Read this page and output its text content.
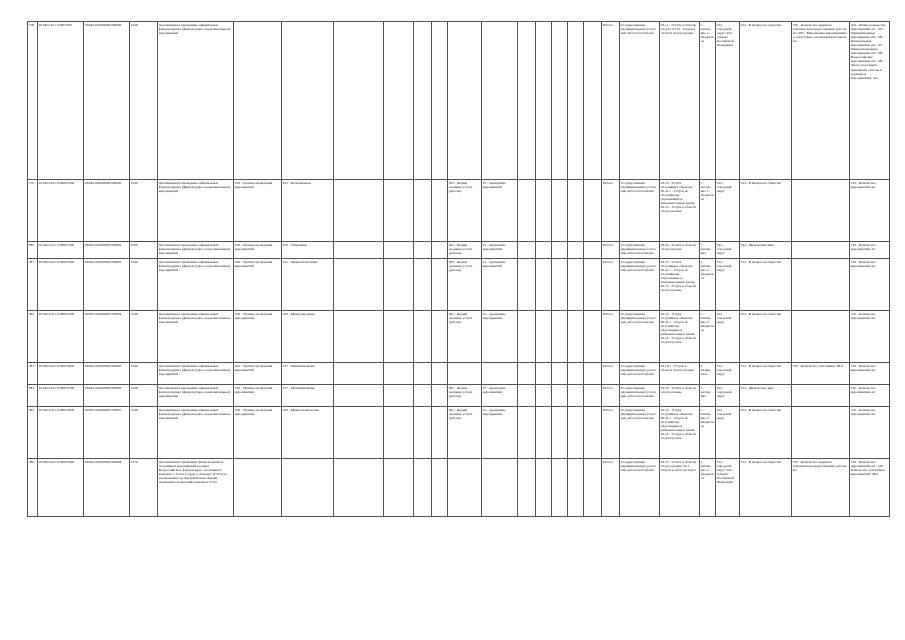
378	931Ф.П.45.1.0Э80 0001	930Ф1.042000000 000000	0149	Организация и проведение официальных физкультурных (физкультурно-оздоровительных) мероприятий														Работа	Государственная (муниципальная) услуга или работа бесплатная	93.11 - Услуги в области спорта; 93.19 - Услуги в области спорта прочие	1 - автомо вно 2 - бюджетное	012 - городской округ; 022 - субъект Российской Федерации	014 - В интересах общества	370 - Количество людей на тематическом представлении работы, шт; 900 - Выполнение мероприятий в соответствии с календарным планом, шт	104 - Общее количество мероприятий, шт; 105 - Муниципальные мероприятия, шт; 106 - Региональные мероприятия, шт; 107 - Межрегиональные мероприятия, шт; 108 - Всероссийские мероприятия, шт; 109 - Число участников, принявших участие в различных мероприятиях, чел

379	931Ф.П.45.1.0Э800 0200	930Ф1.042000000 000000	0149	Организация и проведение официальных физкультурных (физкультурно-оздоровительных) мероприятий	018 - Уровень проведения мероприятий	013 - Региональные					005 - Формы оказания услуги (работы)	25 - проведение мероприятий						Работа	Государственная (муниципальная) услуга или работа бесплатная	93.19 - Услуги спортивных объектов; 85.41.1 - Услуги по спортивному образованию и развлекательных целях; 93.19 - Услуги в области спорта прочие	1 - автомо вно 2 - бюджетное	012 - городской округ	014 - В интересах общества		130 - Количество мероприятий, шт

380	931Ф.П.45.1.0Э800 0300	930Ф1.042000000 000002	0149	Организация и проведение официальных физкультурных (физкультурно-оздоровительных) мероприятий	018 - Уровень проведения мероприятий	014 - Умеренные					005 - Формы оказания услуги (работы)	25 - проведение мероприятий						Работа	Государственная (муниципальная) услуга или работа бесплатная	93.19 - Услуги в области спорта прочие	1 - автомо вно	012 - городской округ	014 - Физические лица		130 - Количество мероприятий, шт

381	931Ф.П.45.1.0Э800 0400	930Ф1.042000000 000003	0149	Организация и проведение официальных физкультурных (физкультурно-оздоровительных) мероприятий	018 - Уровень проведения мероприятий	015 - Межрегиональные					005 - Формы оказания услуги (работы)	25 - проведение мероприятий						Работа	Государственная (муниципальная) услуга или работа бесплатная	93.19 - Услуги спортивных объектов; 85.41.1 - Услуги по спортивному образованию и развлекательных целях; 93.19 - Услуги в области спорта прочие	1 - автомо вно 2 - бюджетное	012 - городской округ	014 - В интересах общества		130 - Количество мероприятий, шт

382	931Ф.П.45.1.0Э800 0500	930Ф1.042000000 000004	0149	Организация и проведение официальных физкультурных (физкультурно-оздоровительных) мероприятий	018 - Уровень проведения мероприятий	016 - Международные					005 - Формы оказания услуги (работы)	25 - проведение мероприятий						Работа	Государственная (муниципальная) услуга или работа бесплатная	93.19 - Услуги спортивных объектов; 85.41.1 - Услуги по спортивному образованию и развлекательных целях; 93.19 - Услуги в области спорта прочие	1 - автомо вно 2 - бюджетное	012 - городской округ	014 - В интересах общества		130 - Количество мероприятий, шт

383	931Ф.П.45.1.0Э800 0600	930Ф1.042000000 000005	0149	Организация и проведение официальных физкультурных (физкультурно-оздоровительных) мероприятий	204 - Уровень проведения мероприятий	017 - Муниципальные												Работа	Государственная (муниципальная) услуга или работа бесплатная	93.19.1 - Услуги в области спорта прочие	2 - бюдже тное	012 - городской округ	014 - В интересах общества	370 - Количество участников, ЧЕЛ	130 - Количество мероприятий, шт

384	931Ф.П.45.1.0Э800 0700	930Ф1.042000000 000006	0149	Организация и проведение официальных физкультурных (физкультурно-оздоровительных) мероприятий	018 - Уровень проведения мероприятий	017 - Муниципальные					005 - Формы оказания услуги (работы)	25 - проведение мероприятий						Работа	Государственная (муниципальная) услуга или работа бесплатная	93.19 - Услуги в области спорта прочие	1 - автомо вно	012 - городской округ	014 - Физические лица		130 - Количество мероприятий, шт

385	931Ф.П.45.1.0Э800 0800	930Ф1.042000000 000007	0149	Организация и проведение официальных физкультурных (физкультурно-оздоровительных) мероприятий	018 - Уровень проведения мероприятий	018 - Межпоселенческие					005 - Формы оказания услуги (работы)	25 - проведение мероприятий						Работа	Государственная (муниципальная) услуга или работа бесплатная	93.19 - Услуги спортивных объектов; 85.41.1 - Услуги по спортивному образованию и развлекательных целях; 93.19 - Услуги в области спорта прочие	1 - автомо вно 2 - бюджетное	012 - городской округ	014 - В интересах общества		130 - Количество мероприятий, шт

386	931Ф.П.45.1.0Э800 0900	930Ф1.042000000 000008	0179	Организация и проведение физкультурных и спортивных мероприятий в рамках Всероссийского физкультурно-спортивного комплекса "Готов к труду и обороне" (ГТО) (за исключением тестирования выполнения нормативов испытаний комплекса ГТО)														Работа	Государственная (муниципальная) услуга или работа бесплатная	93.19 - Услуги в области спорта прочие; 93.1 - Услуги в области спорта	1 - автомо вно 2 - бюджетное	012 - городской округ; 022 - субъект Российской Федерации	014 - В интересах общества	370 - Количество людей на тематическом представлении работы, шт	130 - Количество мероприятий, шт; 128 - Количество участников мероприятий, ЧЕЛ
